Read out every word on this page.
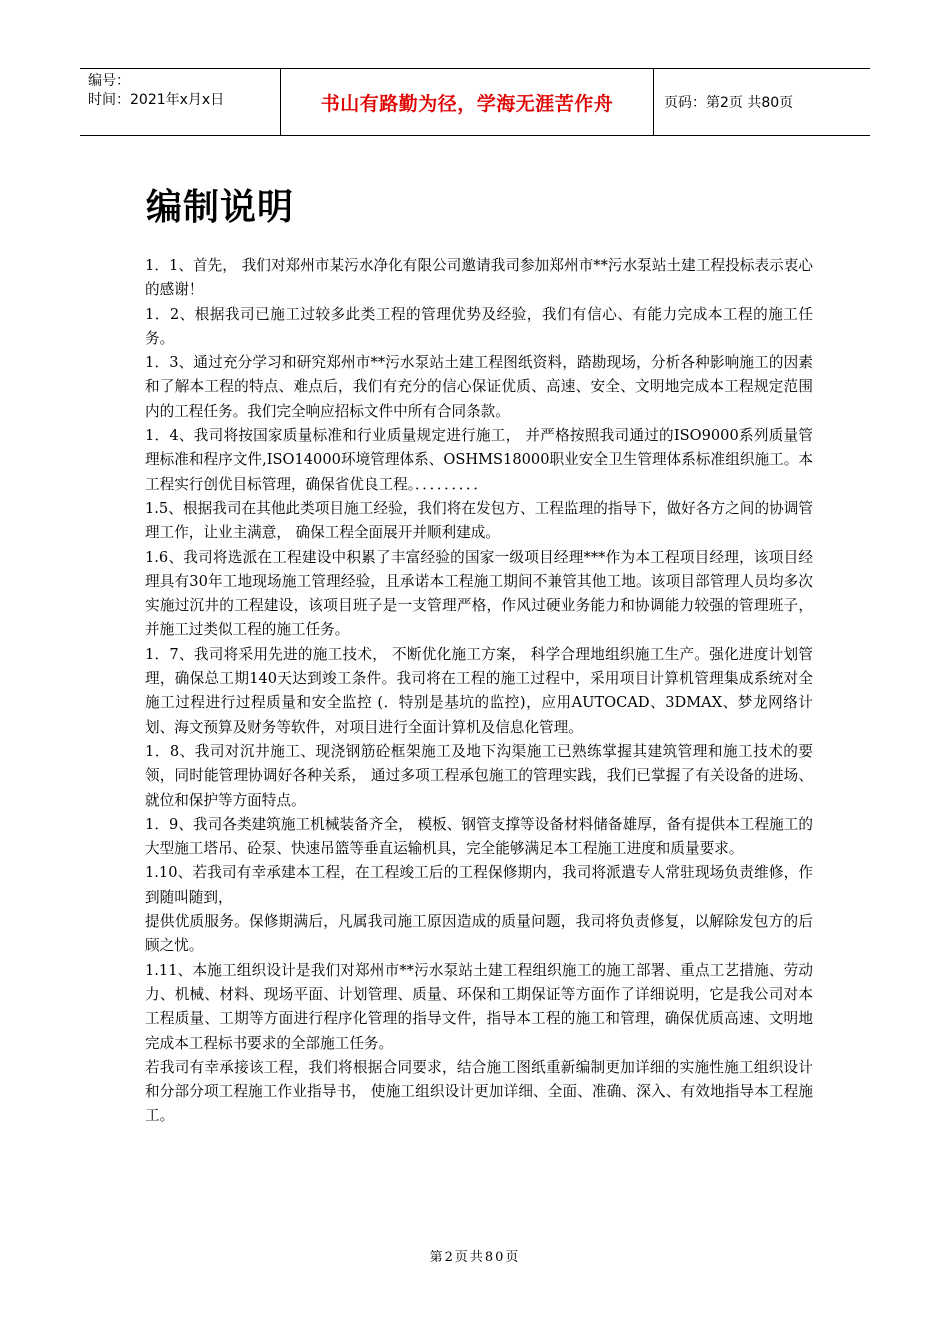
编号：
时间：2021年x月x日	书山有路勤为径，学海无涯苦作舟	页码：第2页 共80页
编制说明

1．1、首先， 我们对郑州市某污水净化有限公司邀请我司参加郑州市**污水泵站土建工程投标表示衷心的感谢！

1．2、根据我司已施工过较多此类工程的管理优势及经验，我们有信心、有能力完成本工程的施工任务。

1．3、通过充分学习和研究郑州市**污水泵站土建工程图纸资料，踏勘现场，分析各种影响施工的因素和了解本工程的特点、难点后，我们有充分的信心保证优质、高速、安全、文明地完成本工程规定范围内的工程任务。我们完全响应招标文件中所有合同条款。

1．4、我司将按国家质量标准和行业质量规定进行施工， 并严格按照我司通过的ISO9000系列质量管理标准和程序文件,ISO14000环境管理体系、OSHMS18000职业安全卫生管理体系标准组织施工。本工程实行创优目标管理，确保省优良工程。．．．．．．．．．

1.5、根据我司在其他此类项目施工经验，我们将在发包方、工程监理的指导下，做好各方之间的协调管理工作，让业主满意， 确保工程全面展开并顺利建成。

1.6、我司将选派在工程建设中积累了丰富经验的国家一级项目经理***作为本工程项目经理，该项目经理具有30年工地现场施工管理经验，且承诺本工程施工期间不兼管其他工地。该项目部管理人员均多次实施过沉井的工程建设，该项目班子是一支管理严格，作风过硬业务能力和协调能力较强的管理班子，并施工过类似工程的施工任务。

1．7、我司将采用先进的施工技术， 不断优化施工方案， 科学合理地组织施工生产。强化进度计划管理，确保总工期140天达到竣工条件。我司将在工程的施工过程中，采用项目计算机管理集成系统对全施工过程进行过程质量和安全监控 (．特别是基坑的监控)，应用AUTOCAD、3DMAX、梦龙网络计划、海文预算及财务等软件，对项目进行全面计算机及信息化管理。

1．8、我司对沉井施工、现浇钢筋砼框架施工及地下沟渠施工已熟练掌握其建筑管理和施工技术的要领，同时能管理协调好各种关系， 通过多项工程承包施工的管理实践，我们已掌握了有关设备的进场、就位和保护等方面特点。

1．9、我司各类建筑施工机械装备齐全， 模板、钢管支撑等设备材料储备雄厚，备有提供本工程施工的大型施工塔吊、砼泵、快速吊篮等垂直运输机具，完全能够满足本工程施工进度和质量要求。

1.10、若我司有幸承建本工程，在工程竣工后的工程保修期内，我司将派遣专人常驻现场负责维修，作到随叫随到，

提供优质服务。保修期满后，凡属我司施工原因造成的质量问题，我司将负责修复，以解除发包方的后顾之忧。

1.11、本施工组织设计是我们对郑州市**污水泵站土建工程组织施工的施工部署、重点工艺措施、劳动力、机械、材料、现场平面、计划管理、质量、环保和工期保证等方面作了详细说明，它是我公司对本工程质量、工期等方面进行程序化管理的指导文件，指导本工程的施工和管理，确保优质高速、文明地完成本工程标书要求的全部施工任务。

若我司有幸承接该工程，我们将根据合同要求，结合施工图纸重新编制更加详细的实施性施工组织设计和分部分项工程施工作业指导书， 使施工组织设计更加详细、全面、准确、深入、有效地指导本工程施工。

第2页共80页
